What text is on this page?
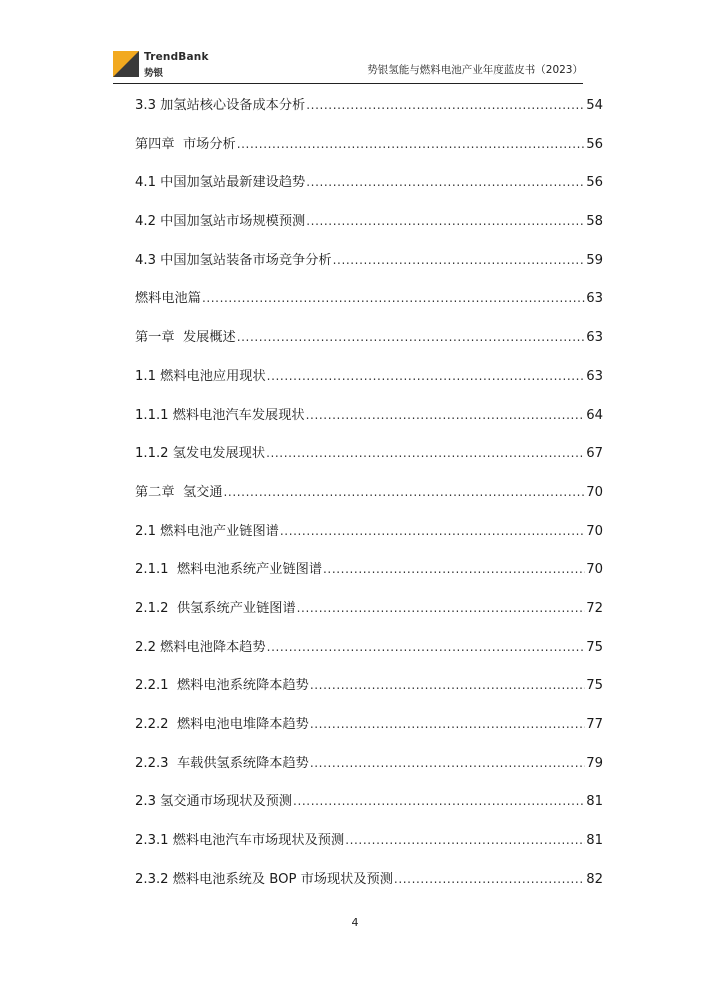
TrendBank
势银	势银氢能与燃料电池产业年度蓝皮书（2023）
3.3 加氢站核心设备成本分析 .....	54
第四章  市场分析 .....	56
4.1 中国加氢站最新建设趋势 .....	56
4.2 中国加氢站市场规模预测 .....	58
4.3 中国加氢站装备市场竞争分析 .....	59
燃料电池篇 .....	63
第一章  发展概述 .....	63
1.1 燃料电池应用现状 .....	63
1.1.1 燃料电池汽车发展现状 .....	64
1.1.2 氢发电发展现状 .....	67
第二章  氢交通 .....	70
2.1 燃料电池产业链图谱 .....	70
2.1.1  燃料电池系统产业链图谱 .....	70
2.1.2  供氢系统产业链图谱 .....	72
2.2 燃料电池降本趋势 .....	75
2.2.1  燃料电池系统降本趋势 .....	75
2.2.2  燃料电池电堆降本趋势 .....	77
2.2.3  车载供氢系统降本趋势 .....	79
2.3 氢交通市场现状及预测 .....	81
2.3.1 燃料电池汽车市场现状及预测 .....	81
2.3.2 燃料电池系统及 BOP 市场现状及预测 .....	82
4
